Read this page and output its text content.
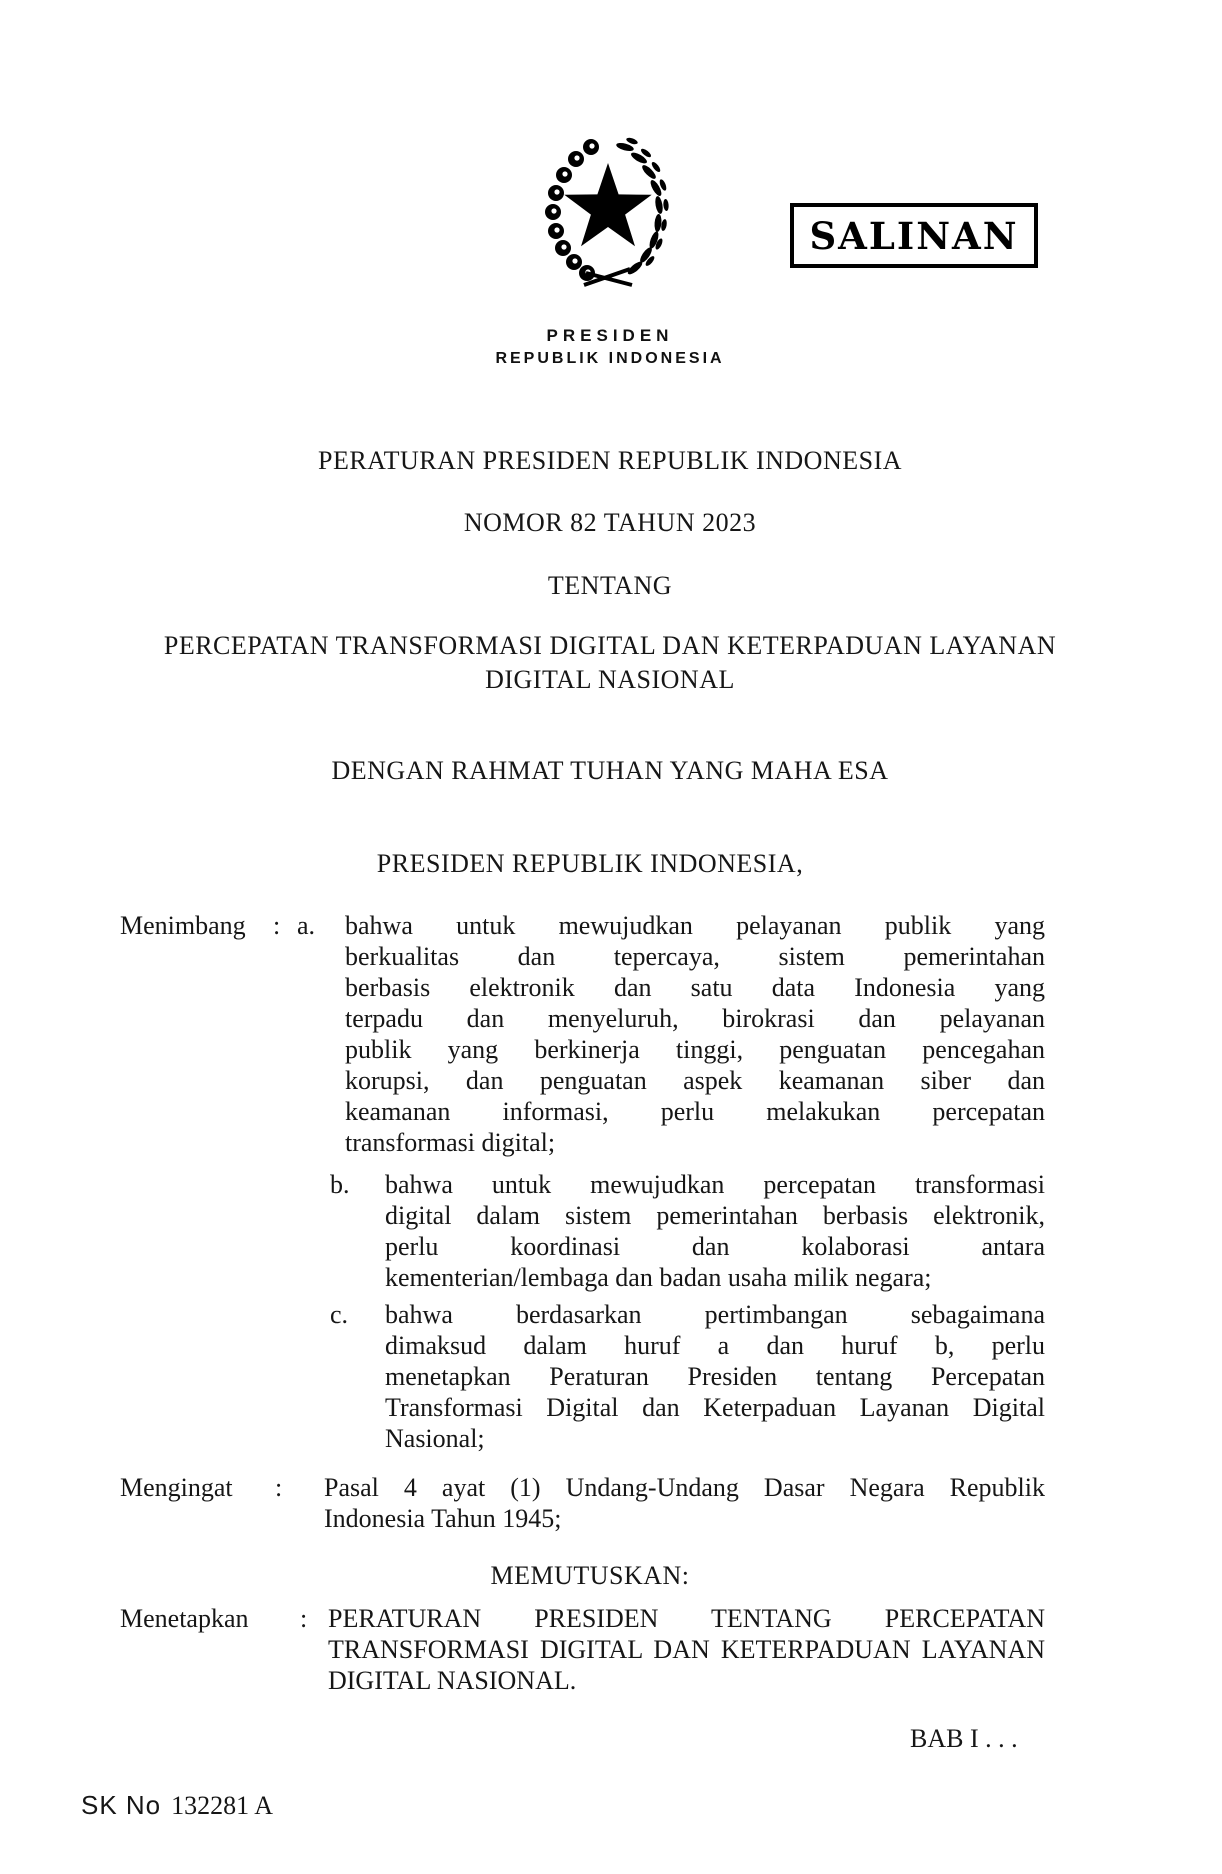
SALINAN
PRESIDEN
REPUBLIK INDONESIA
PERATURAN PRESIDEN REPUBLIK INDONESIA
NOMOR 82 TAHUN 2023
TENTANG
PERCEPATAN TRANSFORMASI DIGITAL DAN KETERPADUAN LAYANAN
DIGITAL NASIONAL
DENGAN RAHMAT TUHAN YANG MAHA ESA
PRESIDEN REPUBLIK INDONESIA,
Menimbang : a. bahwa untuk mewujudkan pelayanan publik yang
berkualitas dan tepercaya, sistem pemerintahan
berbasis elektronik dan satu data Indonesia yang
terpadu dan menyeluruh, birokrasi dan pelayanan
publik yang berkinerja tinggi, penguatan pencegahan
korupsi, dan penguatan aspek keamanan siber dan
keamanan informasi, perlu melakukan percepatan
transformasi digital;
b. bahwa untuk mewujudkan percepatan transformasi
digital dalam sistem pemerintahan berbasis elektronik,
perlu koordinasi dan kolaborasi antara
kementerian/lembaga dan badan usaha milik negara;
c. bahwa berdasarkan pertimbangan sebagaimana
dimaksud dalam huruf a dan huruf b, perlu
menetapkan Peraturan Presiden tentang Percepatan
Transformasi Digital dan Keterpaduan Layanan Digital
Nasional;
Mengingat : Pasal 4 ayat (1) Undang-Undang Dasar Negara Republik
Indonesia Tahun 1945;
MEMUTUSKAN:
Menetapkan : PERATURAN PRESIDEN TENTANG PERCEPATAN
TRANSFORMASI DIGITAL DAN KETERPADUAN LAYANAN
DIGITAL NASIONAL.
BAB I . . .
SK No 132281 A
